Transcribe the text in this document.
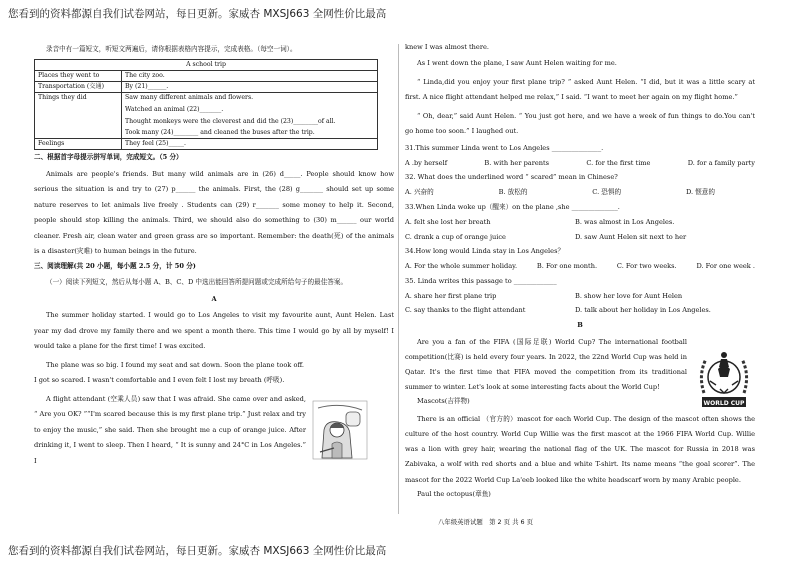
您看到的资料都源自我们试卷网站，每日更新。家威杏 MXSJ663 全网性价比最高
您看到的资料都源自我们试卷网站，每日更新。家威杏 MXSJ663 全网性价比最高

录音中有一篇短文，听短文两遍后，请你根据表格内容提示，完成表格。（每空一词）。

A school trip	
Places they went to	The city zoo.

Transportation (交通)	By (21)______.

Things they did	Saw many different animals and flowers.
Watched an animal (22)_______.
Thought monkeys were the cleverest and did the (23)________of all.
Took many (24)________ and cleaned the buses after the trip.

Feelings	They feel (25)_____.

二、根据首字母提示拼写单词，完成短文。（5 分）

Animals are people's friends. But many wild animals are in (26) d_____. People should know how serious the situation is and try to (27) p______ the animals. First, the (28) g_______ should set up some nature reserves to let animals live freely . Students can (29) r_______ some money to help it. Second, people should stop killing the animals. Third, we should also do something to (30) m______ our world cleaner. Fresh air, clean water and green grass are so important. Remember: the death(死) of the animals is a disaster(灾难) to human beings in the future.

三、阅读理解(共 20 小题，每小题 2.5 分，计 50 分)

（一）阅读下列短文，然后从每小题 A、B、C、D 中选出能回答所提问题或完成所给句子的最佳答案。

A

The summer holiday started. I would go to Los Angeles to visit my favourite aunt, Aunt Helen. Last year my dad drove my family there and we spent a month there. This time I would go by all by myself! I would take a plane for the first time! I was excited.

The plane was so big. I found my seat and sat down. Soon the plane took off. I got so scared. I wasn't comfortable and I even felt I lost my breath (呼吸).

A flight attendant (空乘人员) saw that I was afraid. She came over and asked, “ Are you OK? ”“I'm scared because this is my first plane trip.” Just relax and try to enjoy the music,” she said. Then she brought me a cup of orange juice. After drinking it, I went to sleep. Then I heard, “ It is sunny and 24°C in Los Angeles.” I

knew I was almost there.

As I went down the plane, I saw Aunt Helen waiting for me.

“ Linda,did you enjoy your first plane trip? ” asked Aunt Helen. “I did, but it was a little scary at first. A nice flight attendant helped me relax,” I said. “I want to meet her again on my flight home.”

“ Oh, dear,” said Aunt Helen. “ You just got here, and we have a week of fun things to do.You can't go home too soon.” I laughed out.

31.This summer Linda went to Los Angeles _______________.

A .by herself	B. with her parents	C. for the first time	D. for a family party

32. What does the underlined word “ scared” mean in Chinese?

A. 兴奋的	B. 放松的	C. 恐惧的	D. 惬意的

33.When Linda woke up（醒来）on the plane ,she ______________.

A. felt she lost her breath	B. was almost in Los Angeles.
C. drank a cup of orange juice	D. saw Aunt Helen sit next to her

34.How long would Linda stay in Los Angeles？

A. For the whole summer holiday.	B. For one month.	C. For two weeks.	D. For one week .

35. Linda writes this passage to _____________

A. share her first plane trip	B. show her love for Aunt Helen
C. say thanks to the flight attendant	D. talk about her holiday in Los Angeles.

B

Are you a fan of the FIFA (国际足联) World Cup? The international football competition(比赛) is held every four years. In 2022, the 22nd World Cup was held in Qatar. It's the first time that FIFA moved the competition from its traditional summer to winter. Let's look at some interesting facts about the World Cup!

Mascots(吉祥物)

There is an official （官方的）mascot for each World Cup. The design of the mascot often shows the culture of the host country. World Cup Willie was the first mascot at the 1966 FIFA World Cup. Willie was a lion with grey hair, wearing the national flag of the UK. The mascot for Russia in 2018 was Zabivaka, a wolf with red shorts and a blue and white T-shirt. Its name means “the goal scorer”. The mascot for the 2022 World Cup La'eeb looked like the white headscarf worn by many Arabic people.

Paul the octopus(章鱼)

WORLD CUP
八年级英语试题　第 2 页 共 6 页
